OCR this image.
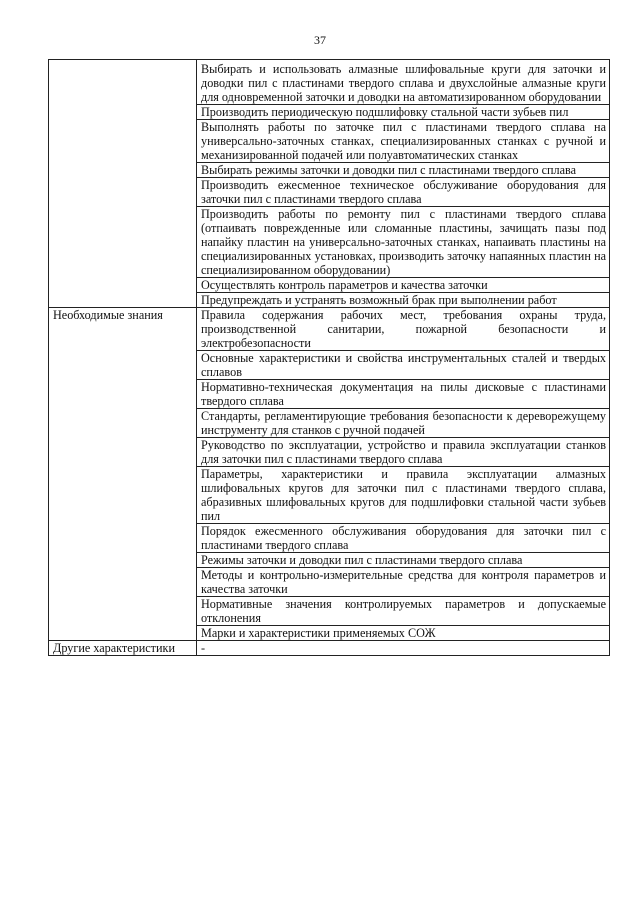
37
	Выбирать и использовать алмазные шлифовальные круги для заточки и доводки пил с пластинами твердого сплава и двухслойные алмазные круги для одновременной заточки и доводки на автоматизированном оборудовании
	Производить периодическую подшлифовку стальной части зубьев пил
	Выполнять работы по заточке пил с пластинами твердого сплава на универсально-заточных станках, специализированных станках с ручной и механизированной подачей или полуавтоматических станках
	Выбирать режимы заточки и доводки пил с пластинами твердого сплава
	Производить ежесменное техническое обслуживание оборудования для заточки пил с пластинами твердого сплава
	Производить работы по ремонту пил с пластинами твердого сплава (отпаивать поврежденные или сломанные пластины, зачищать пазы под напайку пластин на универсально-заточных станках, напаивать пластины на специализированных установках, производить заточку напаянных пластин на специализированном оборудовании)
	Осуществлять контроль параметров и качества заточки
	Предупреждать и устранять возможный брак при выполнении работ
Необходимые знания	Правила содержания рабочих мест, требования охраны труда, производственной санитарии, пожарной безопасности и электробезопасности
	Основные характеристики и свойства инструментальных сталей и твердых сплавов
	Нормативно-техническая документация на пилы дисковые с пластинами твердого сплава
	Стандарты, регламентирующие требования безопасности к дереворежущему инструменту для станков с ручной подачей
	Руководство по эксплуатации, устройство и правила эксплуатации станков для заточки пил с пластинами твердого сплава
	Параметры, характеристики и правила эксплуатации алмазных шлифовальных кругов для заточки пил с пластинами твердого сплава, абразивных шлифовальных кругов для подшлифовки стальной части зубьев пил
	Порядок ежесменного обслуживания оборудования для заточки пил с пластинами твердого сплава
	Режимы заточки и доводки пил с пластинами твердого сплава
	Методы и контрольно-измерительные средства для контроля параметров и качества заточки
	Нормативные значения контролируемых параметров и допускаемые отклонения
	Марки и характеристики применяемых СОЖ
Другие характеристики	-
